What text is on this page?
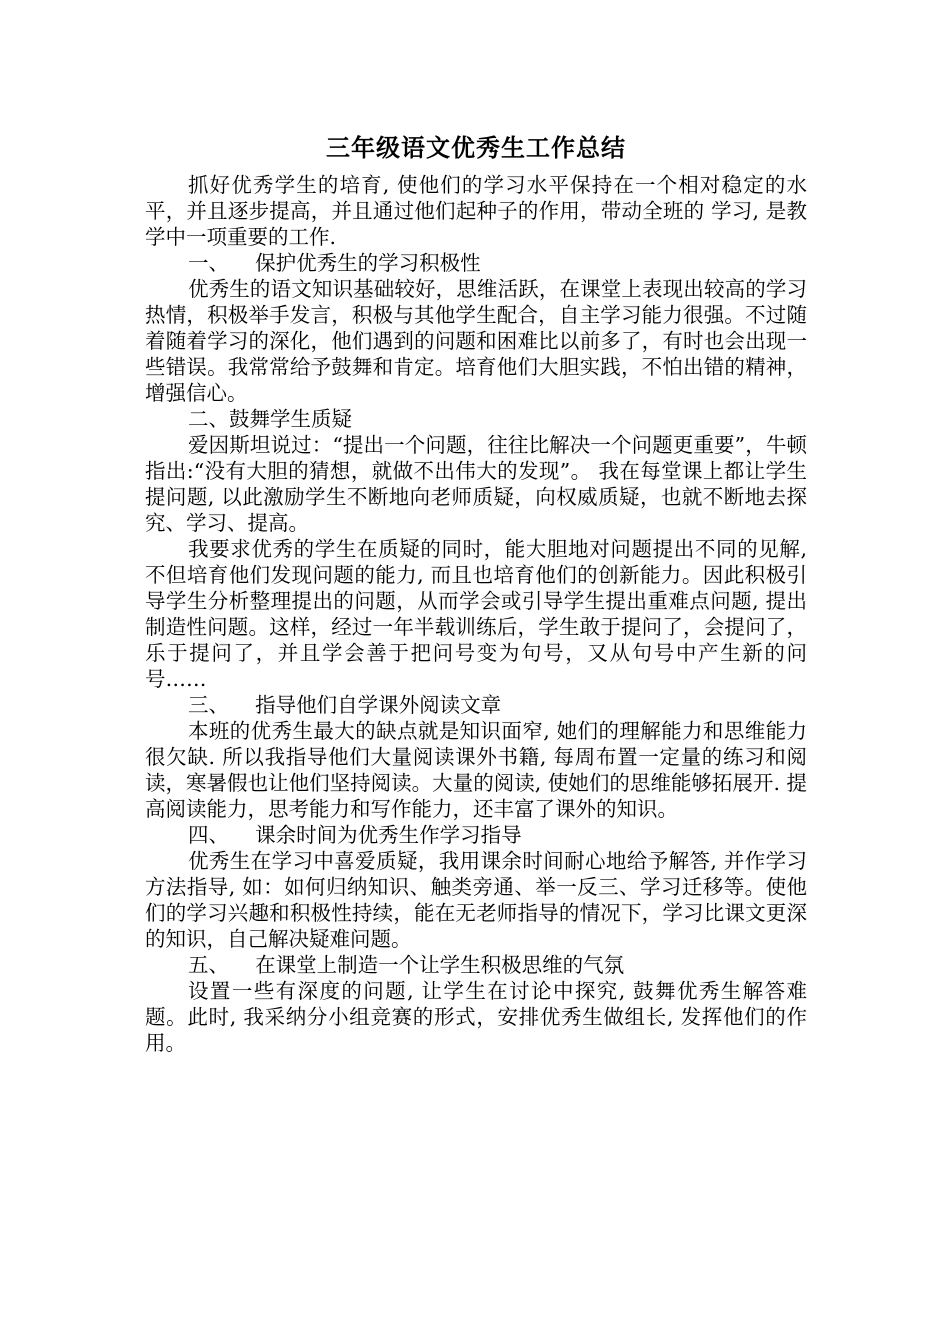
三年级语文优秀生工作总结

抓好优秀学生的培育, 使他们的学习水平保持在一个相对稳定的水平，并且逐步提高，并且通过他们起种子的作用，带动全班的 学习, 是教学中一项重要的工作.

一、    保护优秀生的学习积极性

优秀生的语文知识基础较好，思维活跃，在课堂上表现出较高的学习热情，积极举手发言，积极与其他学生配合，自主学习能力很强。不过随着随着学习的深化，他们遇到的问题和困难比以前多了，有时也会出现一些错误。我常常给予鼓舞和肯定。培育他们大胆实践，不怕出错的精神，增强信心。

二、鼓舞学生质疑

爱因斯坦说过：“提出一个问题，往往比解决一个问题更重要”，牛顿指出:“没有大胆的猜想，就做不出伟大的发现”。 我在每堂课上都让学生提问题, 以此激励学生不断地向老师质疑，向权威质疑，也就不断地去探究、学习、提高。

我要求优秀的学生在质疑的同时，能大胆地对问题提出不同的见解, 不但培育他们发现问题的能力, 而且也培育他们的创新能力。因此积极引导学生分析整理提出的问题，从而学会或引导学生提出重难点问题, 提出制造性问题。这样，经过一年半载训练后，学生敢于提问了，会提问了，乐于提问了，并且学会善于把问号变为句号，又从句号中产生新的问号……

三、    指导他们自学课外阅读文章

本班的优秀生最大的缺点就是知识面窄, 她们的理解能力和思维能力很欠缺. 所以我指导他们大量阅读课外书籍, 每周布置一定量的练习和阅读，寒暑假也让他们坚持阅读。大量的阅读, 使她们的思维能够拓展开. 提高阅读能力，思考能力和写作能力，还丰富了课外的知识。

四、    课余时间为优秀生作学习指导

优秀生在学习中喜爱质疑，我用课余时间耐心地给予解答, 并作学习方法指导, 如：如何归纳知识、触类旁通、举一反三、学习迁移等。使他们的学习兴趣和积极性持续，能在无老师指导的情况下，学习比课文更深的知识，自己解决疑难问题。

五、    在课堂上制造一个让学生积极思维的气氛

设置一些有深度的问题, 让学生在讨论中探究, 鼓舞优秀生解答难题。此时, 我采纳分小组竞赛的形式，安排优秀生做组长, 发挥他们的作用。
